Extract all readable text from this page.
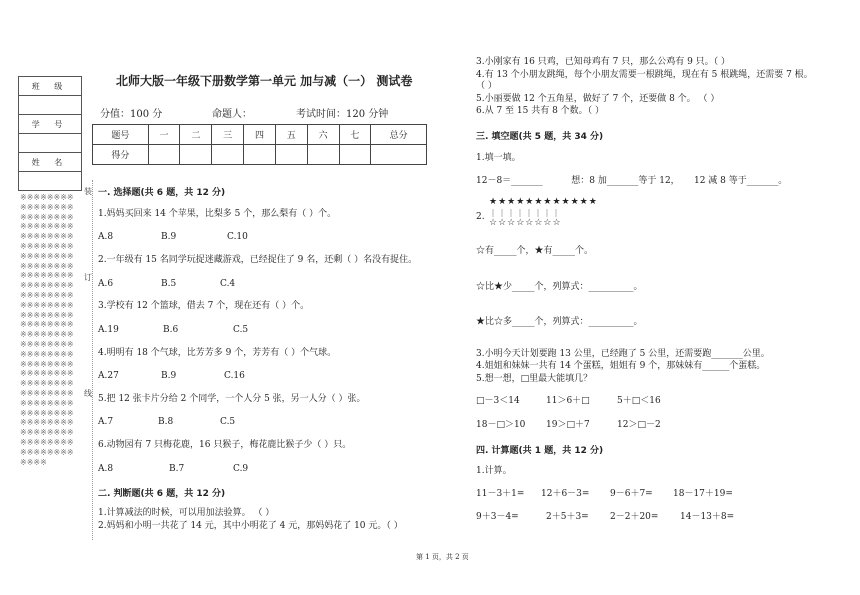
班 级

学 号

姓 名

※※※※※※※※※※※※※※※※※※※※※※※※※※※※※※※※※※※※※※※※※※※※※※※※※※※※※※※※※※※※※※※※※※※※※※※※※※※※※※※※※※※※※※※※※※※※※※※※※※※※※※※※※※※※※※※※※※※※※※※※※※※※※※※※※※※※※※※※※※※※※※※※※※※※※※※※※※※※※※※※※※※※※※※※※※※※※※※※※※※※※※※※※※※※※※※※※※※※※※※※※※※※※※※※※※※※※※※※※※※※
装
订
线
北师大版一年级下册数学第一单元 加与减（一） 测试卷
分值：100 分	命题人：	考试时间：120 分钟
题号	一	二	三	四	五	六	七	总分
得分								
一. 选择题(共 6 题，共 12 分)
1.妈妈买回来 14 个苹果，比梨多 5 个，那么梨有（ ）个。
A.8	B.9	C.10
2.一年级有 15 名同学玩捉迷藏游戏，已经捉住了 9 名，还剩（ ）名没有捉住。
A.6	B.5	C.4
3.学校有 12 个篮球，借去 7 个，现在还有（ ）个。
A.19	B.6	C.5
4.明明有 18 个气球，比芳芳多 9 个，芳芳有（ ）个气球。
A.27	B.9	C.16
5.把 12 张卡片分给 2 个同学，一个人分 5 张，另一人分（ ）张。
A.7	B.8	C.5
6.动物园有 7 只梅花鹿，16 只猴子，梅花鹿比猴子少（ ）只。
A.8	B.7	C.9
二. 判断题(共 6 题，共 12 分)
1.计算减法的时候，可以用加法验算。 （ ）
2.妈妈和小明一共花了 14 元，其中小明花了 4 元，那妈妈花了 10 元。（ ）
3.小刚家有 16 只鸡，已知母鸡有 7 只，那么公鸡有 9 只。（ ）
4.有 13 个小朋友跳绳，每个小朋友需要一根跳绳，现在有 5 根跳绳，还需要 7 根。
（ ）
5.小丽要做 12 个五角星，做好了 7 个，还要做 8 个。 （ ）
6.从 7 至 15 共有 8 个数。（ ）
三. 填空题(共 5 题，共 34 分)
1.填一填。
12－8＝_______          想：8 加_______等于 12，     12 减 8 等于_______。
2.
★★★★★★★★★★★★
｜｜｜｜｜｜｜｜
☆☆☆☆☆☆☆☆
☆有_____个，★有_____个。
☆比★少_____个，列算式：__________。
★比☆多_____个，列算式：__________。
3.小明今天计划要跑 13 公里，已经跑了 5 公里，还需要跑_______公里。
4.姐姐和妹妹一共有 14 个蛋糕，姐姐有 9 个，那妹妹有______个蛋糕。
5.想一想，□里最大能填几？
□－3＜14	11＞6＋□	5＋□＜16
18－□＞10 19＞□＋7	12＞□－2
四. 计算题(共 1 题，共 12 分)
1.计算。
11－3＋1= 12＋6－3= 9－6＋7= 18－17＋19=
9＋3－4=	2＋5＋3= 2－2＋20= 14－13＋8=
第 1 页，共 2 页
